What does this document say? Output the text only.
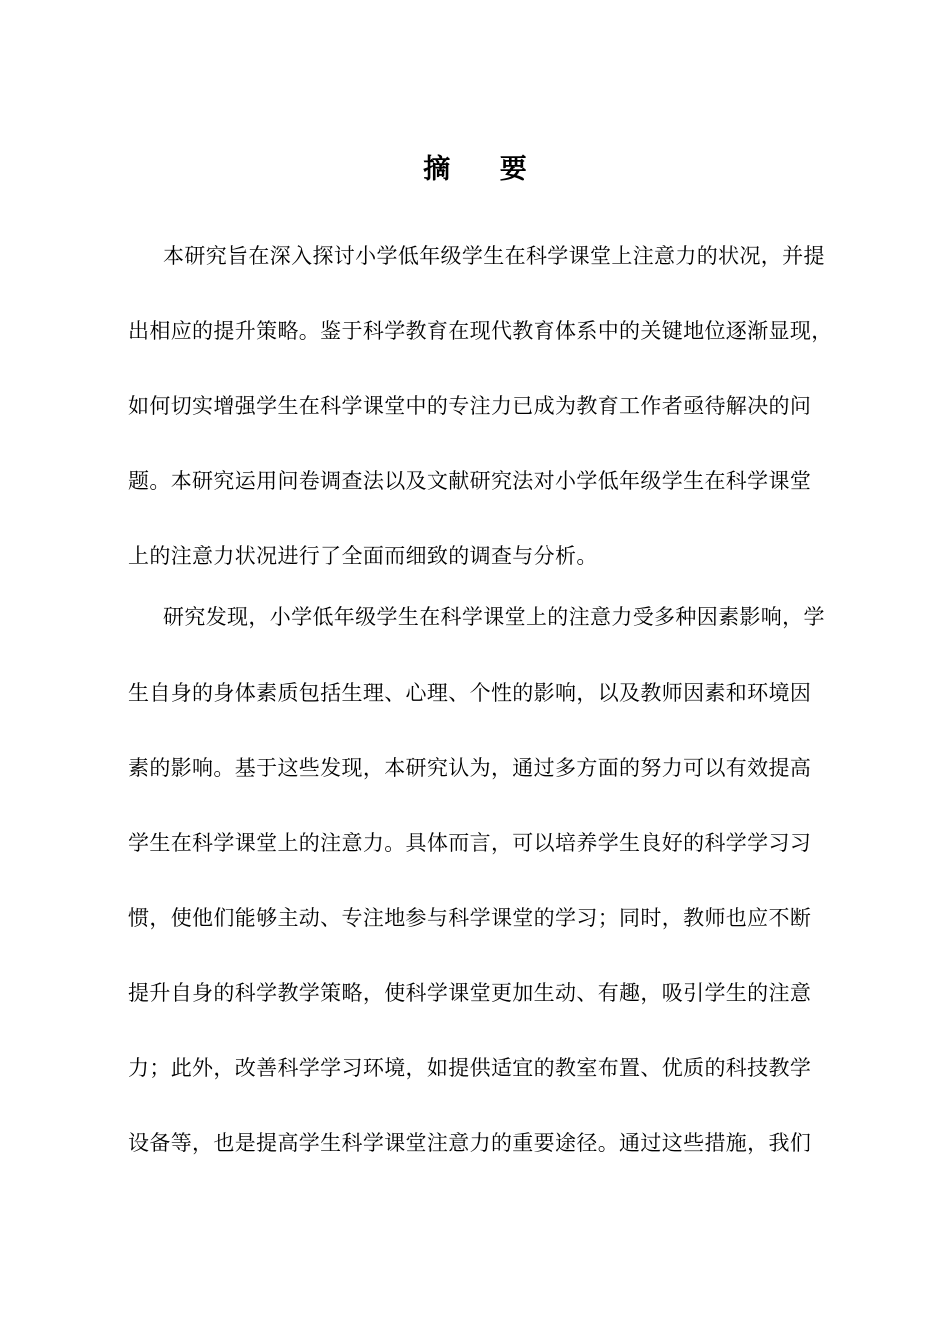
摘 要
本研究旨在深入探讨小学低年级学生在科学课堂上注意力的状况，并提
出相应的提升策略。鉴于科学教育在现代教育体系中的关键地位逐渐显现，
如何切实增强学生在科学课堂中的专注力已成为教育工作者亟待解决的问
题。本研究运用问卷调查法以及文献研究法对小学低年级学生在科学课堂
上的注意力状况进行了全面而细致的调查与分析。
研究发现，小学低年级学生在科学课堂上的注意力受多种因素影响，学
生自身的身体素质包括生理、心理、个性的影响，以及教师因素和环境因
素的影响。基于这些发现，本研究认为，通过多方面的努力可以有效提高
学生在科学课堂上的注意力。具体而言，可以培养学生良好的科学学习习
惯，使他们能够主动、专注地参与科学课堂的学习；同时，教师也应不断
提升自身的科学教学策略，使科学课堂更加生动、有趣，吸引学生的注意
力；此外，改善科学学习环境，如提供适宜的教室布置、优质的科技教学
设备等，也是提高学生科学课堂注意力的重要途径。通过这些措施，我们
